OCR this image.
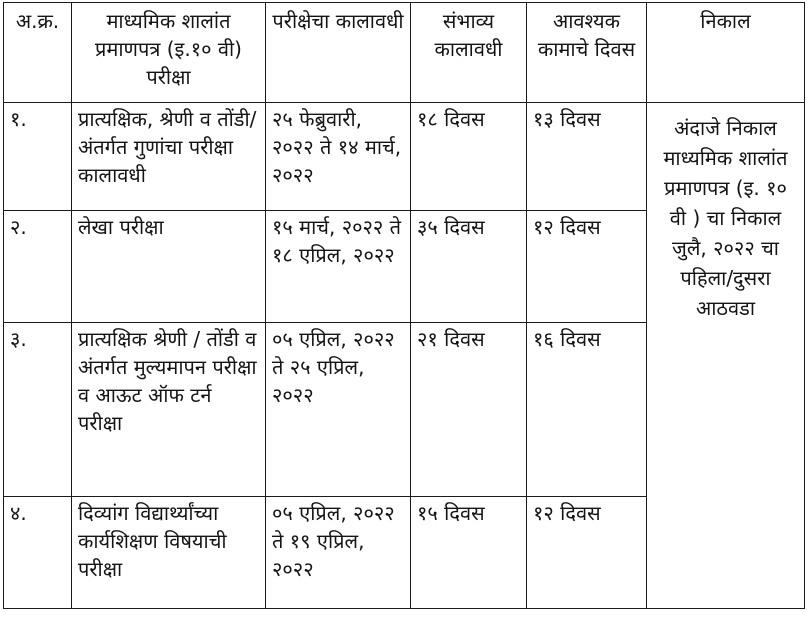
अ.क्र.	माध्यमिक शालांत प्रमाणपत्र (इ.१० वी) परीक्षा	परीक्षेचा कालावधी	संभाव्य कालावधी	आवश्यक कामाचे दिवस	निकाल
१.	प्रात्यक्षिक, श्रेणी व तोंडी/अंतर्गत गुणांचा परीक्षा कालावधी	२५ फेब्रुवारी, २०२२ ते १४ मार्च, २०२२	१८ दिवस	१३ दिवस	अंदाजे निकाल माध्यमिक शालांत प्रमाणपत्र (इ. १० वी ) चा निकाल जुलै, २०२२ चा पहिला/दुसरा आठवडा
२.	लेखा परीक्षा	१५ मार्च, २०२२ ते १८ एप्रिल, २०२२	३५ दिवस	१२ दिवस	
३.	प्रात्यक्षिक श्रेणी / तोंडी व अंतर्गत मुल्यमापन परीक्षा व आऊट ऑफ टर्न परीक्षा	०५ एप्रिल, २०२२ ते २५ एप्रिल, २०२२	२१ दिवस	१६ दिवस	
४.	दिव्यांग विद्यार्थ्यांच्या कार्यशिक्षण विषयाची परीक्षा	०५ एप्रिल, २०२२ ते १९ एप्रिल, २०२२	१५ दिवस	१२ दिवस	
